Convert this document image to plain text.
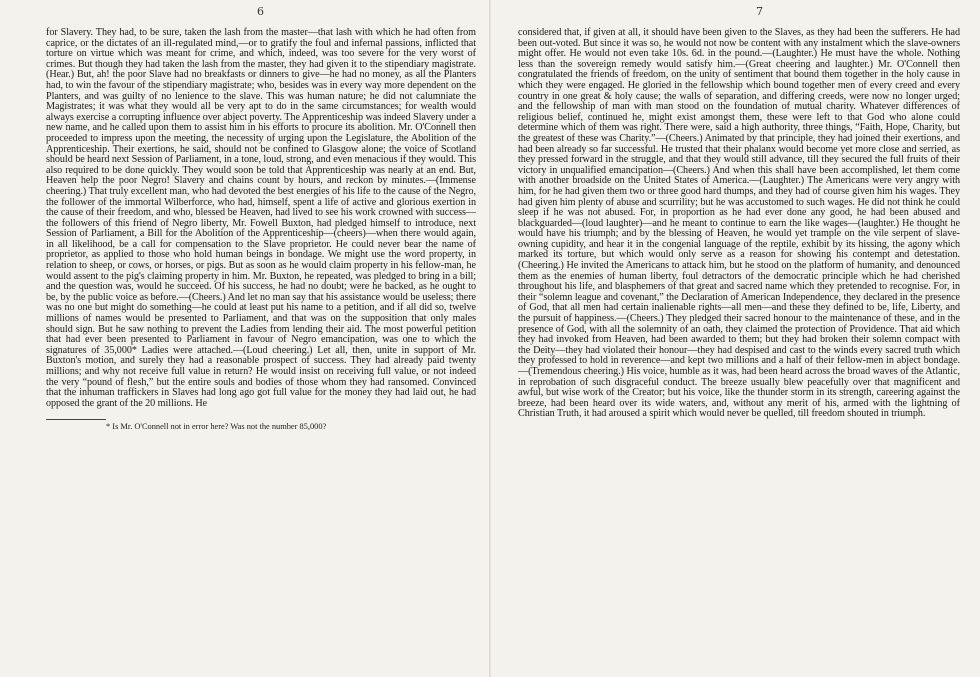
6

for Slavery. They had, to be sure, taken the lash from the master—that lash with which he had often from caprice, or the dictates of an ill-regulated mind,—or to gratify the foul and infernal passions, inflicted that torture on virtue which was meant for crime, and which, indeed, was too severe for the very worst of crimes. But though they had taken the lash from the master, they had given it to the stipendiary magistrate. (Hear.) But, ah! the poor Slave had no breakfasts or dinners to give—he had no money, as all the Planters had, to win the favour of the stipendiary magistrate; who, besides was in every way more dependent on the Planters, and was guilty of no lenience to the slave. This was human nature; he did not calumniate the Magistrates; it was what they would all be very apt to do in the same circumstances; for wealth would always exercise a corrupting influence over abject poverty. The Apprenticeship was indeed Slavery under a new name, and he called upon them to assist him in his efforts to procure its abolition. Mr. O'Connell then proceeded to impress upon the meeting, the necessity of urging upon the Legislature, the Abolition of the Apprenticeship. Their exertions, he said, should not be confined to Glasgow alone; the voice of Scotland should be heard next Session of Parliament, in a tone, loud, strong, and even menacious if they would. This also required to be done quickly. They would soon be told that Apprenticeship was nearly at an end. But, Heaven help the poor Negro! Slavery and chains count by hours, and reckon by minutes.—(Immense cheering.) That truly excellent man, who had devoted the best energies of his life to the cause of the Negro, the follower of the immortal Wilberforce, who had, himself, spent a life of active and glorious exertion in the cause of their freedom, and who, blessed be Heaven, had lived to see his work crowned with success—the followers of this friend of Negro liberty, Mr. Fowell Buxton, had pledged himself to introduce, next Session of Parliament, a Bill for the Abolition of the Apprenticeship—(cheers)—when there would again, in all likelihood, be a call for compensation to the Slave proprietor. He could never bear the name of proprietor, as applied to those who hold human beings in bondage. We might use the word property, in relation to sheep, or cows, or horses, or pigs. But as soon as he would claim property in his fellow-man, he would assent to the pig's claiming property in him. Mr. Buxton, he repeated, was pledged to bring in a bill; and the question was, would he succeed. Of his success, he had no doubt; were he backed, as he ought to be, by the public voice as before.—(Cheers.) And let no man say that his assistance would be useless; there was no one but might do something—he could at least put his name to a petition, and if all did so, twelve millions of names would be presented to Parliament, and that was on the supposition that only males should sign. But he saw nothing to prevent the Ladies from lending their aid. The most powerful petition that had ever been presented to Parliament in favour of Negro emancipation, was one to which the signatures of 35,000* Ladies were attached.—(Loud cheering.) Let all, then, unite in support of Mr. Buxton's motion, and surely they had a reasonable prospect of success. They had already paid twenty millions; and why not receive full value in return? He would insist on receiving full value, or not indeed the very “pound of flesh,” but the entire souls and bodies of those whom they had ransomed. Convinced that the inhuman traffickers in Slaves had long ago got full value for the money they had laid out, he had opposed the grant of the 20 millions. He

* Is Mr. O'Connell not in error here? Was not the number 85,000?

7

considered that, if given at all, it should have been given to the Slaves, as they had been the sufferers. He had been out-voted. But since it was so, he would not now be content with any instalment which the slave-owners might offer. He would not even take 10s. 6d. in the pound.—(Laughter.) He must have the whole. Nothing less than the sovereign remedy would satisfy him.—(Great cheering and laughter.) Mr. O'Connell then congratulated the friends of freedom, on the unity of sentiment that bound them together in the holy cause in which they were engaged. He gloried in the fellowship which bound together men of every creed and every country in one great & holy cause; the walls of separation, and differing creeds, were now no longer urged; and the fellowship of man with man stood on the foundation of mutual charity. Whatever differences of religious belief, continued he, might exist amongst them, these were left to that God who alone could determine which of them was right. There were, said a high authority, three things, “Faith, Hope, Charity, but the greatest of these was Charity.”—(Cheers.) Animated by that principle, they had joined their exertions, and had been already so far successful. He trusted that their phalanx would become yet more close and serried, as they pressed forward in the struggle, and that they would still advance, till they secured the full fruits of their victory in unqualified emancipation—(Cheers.) And when this shall have been accomplished, let them come with another broadside on the United States of America.—(Laughter.) The Americans were very angry with him, for he had given them two or three good hard thumps, and they had of course given him his wages. They had given him plenty of abuse and scurrility; but he was accustomed to such wages. He did not think he could sleep if he was not abused. For, in proportion as he had ever done any good, he had been abused and blackguarded—(loud laughter)—and he meant to continue to earn the like wages—(laughter.) He thought he would have his triumph; and by the blessing of Heaven, he would yet trample on the vile serpent of slave-owning cupidity, and hear it in the congenial language of the reptile, exhibit by its hissing, the agony which marked its torture, but which would only serve as a reason for showing his contempt and detestation. (Cheering.) He invited the Americans to attack him, but he stood on the platform of humanity, and denounced them as the enemies of human liberty, foul detractors of the democratic principle which he had cherished throughout his life, and blasphemers of that great and sacred name which they pretended to recognise. For, in their “solemn league and covenant,” the Declaration of American Independence, they declared in the presence of God, that all men had certain inalienable rights—all men—and these they defined to be, life, Liberty, and the pursuit of happiness.—(Cheers.) They pledged their sacred honour to the maintenance of these, and in the presence of God, with all the solemnity of an oath, they claimed the protection of Providence. That aid which they had invoked from Heaven, had been awarded to them; but they had broken their solemn compact with the Deity—they had violated their honour—they had despised and cast to the winds every sacred truth which they professed to hold in reverence—and kept two millions and a half of their fellow-men in abject bondage.—(Tremendous cheering.) His voice, humble as it was, had been heard across the broad waves of the Atlantic, in reprobation of such disgraceful conduct. The breeze usually blew peacefully over that magnificent and awful, but wise work of the Creator; but his voice, like the thunder storm in its strength, careering against the breeze, had been heard over its wide waters, and, without any merit of his, armed with the lightning of Christian Truth, it had aroused a spirit which would never be quelled, till freedom shouted in triumph.
